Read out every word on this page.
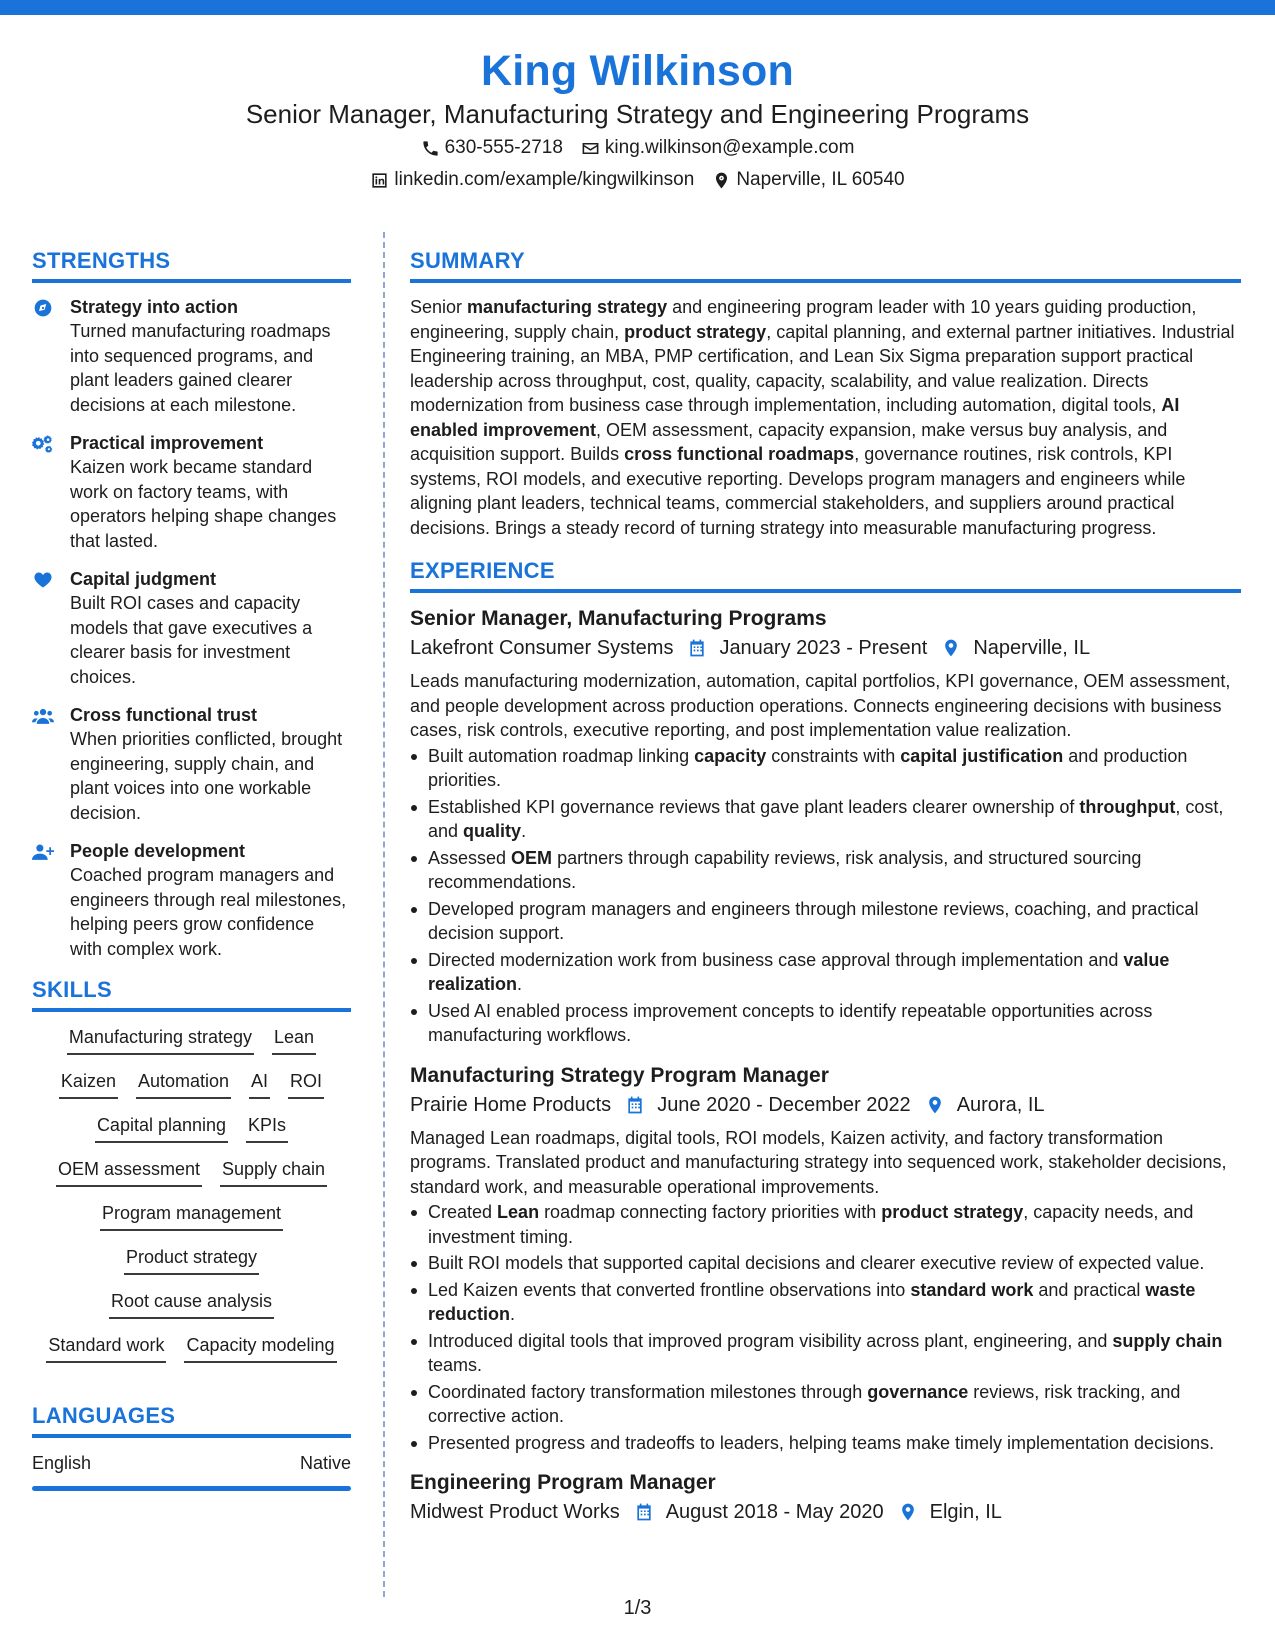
King Wilkinson
Senior Manager, Manufacturing Strategy and Engineering Programs
630-555-2718 king.wilkinson@example.com
linkedin.com/example/kingwilkinson Naperville, IL 60540
STRENGTHS
Strategy into action
Turned manufacturing roadmaps into sequenced programs, and plant leaders gained clearer decisions at each milestone.
Practical improvement
Kaizen work became standard work on factory teams, with operators helping shape changes that lasted.
Capital judgment
Built ROI cases and capacity models that gave executives a clearer basis for investment choices.
Cross functional trust
When priorities conflicted, brought engineering, supply chain, and plant voices into one workable decision.
People development
Coached program managers and engineers through real milestones, helping peers grow confidence with complex work.
SKILLS
Manufacturing strategy Lean
Kaizen Automation AI ROI
Capital planning KPIs
OEM assessment Supply chain
Program management
Product strategy
Root cause analysis
Standard work Capacity modeling
LANGUAGES
English	Native
SUMMARY

Senior manufacturing strategy and engineering program leader with 10 years guiding production, engineering, supply chain, product strategy, capital planning, and external partner initiatives. Industrial Engineering training, an MBA, PMP certification, and Lean Six Sigma preparation support practical leadership across throughput, cost, quality, capacity, scalability, and value realization. Directs modernization from business case through implementation, including automation, digital tools, AI enabled improvement, OEM assessment, capacity expansion, make versus buy analysis, and acquisition support. Builds cross functional roadmaps, governance routines, risk controls, KPI systems, ROI models, and executive reporting. Develops program managers and engineers while aligning plant leaders, technical teams, commercial stakeholders, and suppliers around practical decisions. Brings a steady record of turning strategy into measurable manufacturing progress.

EXPERIENCE
Senior Manager, Manufacturing Programs
Lakefront Consumer Systems January 2023 - Present Naperville, IL
Leads manufacturing modernization, automation, capital portfolios, KPI governance, OEM assessment, and people development across production operations. Connects engineering decisions with business cases, risk controls, executive reporting, and post implementation value realization.
Built automation roadmap linking capacity constraints with capital justification and production priorities.
Established KPI governance reviews that gave plant leaders clearer ownership of throughput, cost, and quality.
Assessed OEM partners through capability reviews, risk analysis, and structured sourcing recommendations.
Developed program managers and engineers through milestone reviews, coaching, and practical decision support.
Directed modernization work from business case approval through implementation and value realization.
Used AI enabled process improvement concepts to identify repeatable opportunities across manufacturing workflows.
Manufacturing Strategy Program Manager
Prairie Home Products June 2020 - December 2022 Aurora, IL
Managed Lean roadmaps, digital tools, ROI models, Kaizen activity, and factory transformation programs. Translated product and manufacturing strategy into sequenced work, stakeholder decisions, standard work, and measurable operational improvements.
Created Lean roadmap connecting factory priorities with product strategy, capacity needs, and investment timing.
Built ROI models that supported capital decisions and clearer executive review of expected value.
Led Kaizen events that converted frontline observations into standard work and practical waste reduction.
Introduced digital tools that improved program visibility across plant, engineering, and supply chain teams.
Coordinated factory transformation milestones through governance reviews, risk tracking, and corrective action.
Presented progress and tradeoffs to leaders, helping teams make timely implementation decisions.
Engineering Program Manager
Midwest Product Works August 2018 - May 2020 Elgin, IL
1/3
